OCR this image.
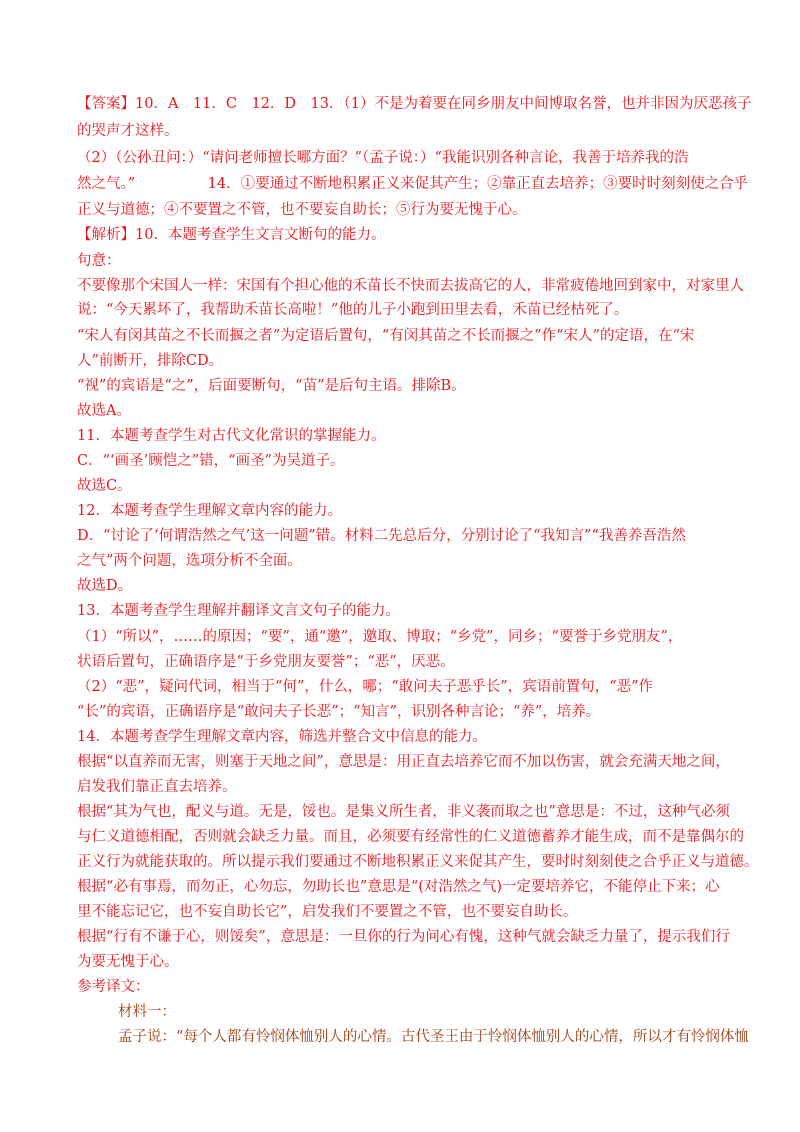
【答案】10．A　11．C　12．D　13．（1）不是为着要在同乡朋友中间博取名誉，也并非因为厌恶孩子
的哭声才这样。
（2）（公孙丑问：）“请问老师擅长哪方面？”（孟子说：）“我能识别各种言论，我善于培养我的浩
然之气。”　　　　　14．①要通过不断地积累正义来促其产生；②靠正直去培养；③要时时刻刻使之合乎
正义与道德；④不要置之不管，也不要妄自助长；⑤行为要无愧于心。
【解析】10．本题考查学生文言文断句的能力。
句意：
不要像那个宋国人一样：宋国有个担心他的禾苗长不快而去拔高它的人，非常疲倦地回到家中，对家里人
说：“今天累坏了，我帮助禾苗长高啦！”他的儿子小跑到田里去看，禾苗已经枯死了。
“宋人有闵其苗之不长而揠之者”为定语后置句，“有闵其苗之不长而揠之”作“宋人”的定语，在“宋
人”前断开，排除CD。
“视”的宾语是“之”，后面要断句，“苗”是后句主语。排除B。
故选A。
11．本题考查学生对古代文化常识的掌握能力。
C．“‘画圣’顾恺之”错，“画圣”为吴道子。
故选C。
12．本题考查学生理解文章内容的能力。
D．“讨论了‘何谓浩然之气’这一问题”错。材料二先总后分，分别讨论了“我知言”“我善养吾浩然
之气”两个问题，选项分析不全面。
故选D。
13．本题考查学生理解并翻译文言文句子的能力。
（1）“所以”，……的原因；“要”，通“邀”，邀取、博取；“乡党”，同乡；“要誉于乡党朋友”，
状语后置句，正确语序是“于乡党朋友要誉”；“恶”，厌恶。
（2）“恶”，疑问代词，相当于“何”，什么，哪；“敢问夫子恶乎长”，宾语前置句，“恶”作
“长”的宾语，正确语序是“敢问夫子长恶”；“知言”，识别各种言论；“养”，培养。
14．本题考查学生理解文章内容，筛选并整合文中信息的能力。
根据“以直养而无害，则塞于天地之间”，意思是：用正直去培养它而不加以伤害，就会充满天地之间，
启发我们靠正直去培养。
根据“其为气也，配义与道。无是，馁也。是集义所生者，非义袭而取之也”意思是：不过，这种气必须
与仁义道德相配，否则就会缺乏力量。而且，必须要有经常性的仁义道德蓄养才能生成，而不是靠偶尔的
正义行为就能获取的。所以提示我们要通过不断地积累正义来促其产生，要时时刻刻使之合乎正义与道德。
根据“必有事焉，而勿正，心勿忘，勿助长也”意思是“(对浩然之气)一定要培养它，不能停止下来；心
里不能忘记它，也不妄自助长它”，启发我们不要置之不管，也不要妄自助长。
根据“行有不谦于心，则馁矣”，意思是：一旦你的行为问心有愧，这种气就会缺乏力量了，提示我们行
为要无愧于心。
参考译文：
材料一：
孟子说：“每个人都有怜悯体恤别人的心情。古代圣王由于怜悯体恤别人的心情，所以才有怜悯体恤
